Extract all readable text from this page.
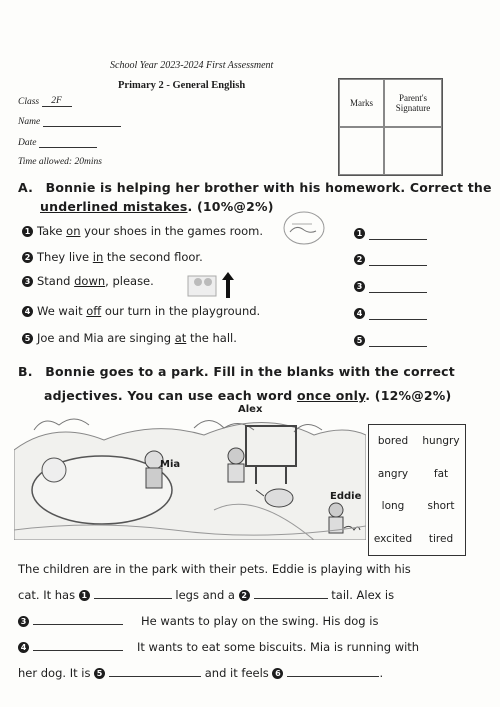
School Year 2023-2024 First Assessment
Primary 2 - General English
Class 2F
Name
Date
Time allowed: 20mins
Marks	Parent's Signature
A. Bonnie is helping her brother with his homework. Correct the
underlined mistakes. (10%@2%)
1 Take on your shoes in the games room.
2 They live in the second floor.
3 Stand down, please.
4 We wait off our turn in the playground.
5 Joe and Mia are singing at the hall.
1
2
3
4
5
B. Bonnie goes to a park. Fill in the blanks with the correct
adjectives. You can use each word once only. (12%@2%)
Alex
Mia
Eddie
bored	hungry
angry	fat
long	short
excited	tired
The children are in the park with their pets. Eddie is playing with his
cat. It has 1	legs and a 2	tail. Alex is
3	He wants to play on the swing. His dog is
4	It wants to eat some biscuits. Mia is running with
her dog. It is 5	and it feels 6	.
